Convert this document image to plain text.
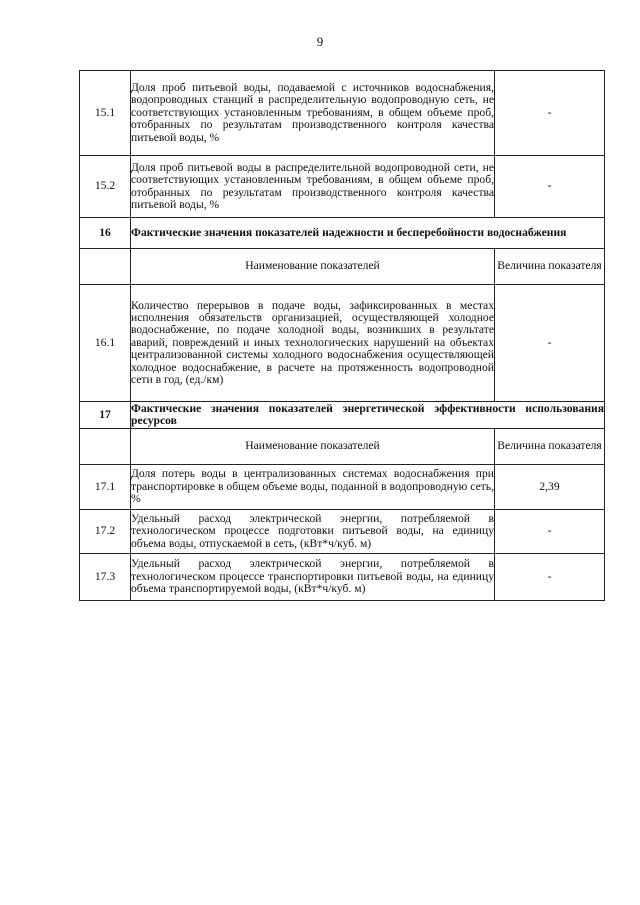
9
15.1	Доля проб питьевой воды, подаваемой с источников водоснабжения, водопроводных станций в распределительную водопроводную сеть, не соответствующих установленным требованиям, в общем объеме проб, отобранных по результатам производственного контроля качества питьевой воды, %	-
15.2	Доля проб питьевой воды в распределительной водопроводной сети, не соответствующих установленным требованиям, в общем объеме проб, отобранных по результатам производственного контроля качества питьевой воды, %	-
16	Фактические значения показателей надежности и бесперебойности водоснабжения	
	Наименование показателей	Величина показателя
16.1	Количество перерывов в подаче воды, зафиксированных в местах исполнения обязательств организацией, осуществляющей холодное водоснабжение, по подаче холодной воды, возникших в результате аварий, повреждений и иных технологических нарушений на объектах централизованной системы холодного водоснабжения осуществляющей холодное водоснабжение, в расчете на протяженность водопроводной сети в год, (ед./км)	-
17	Фактические значения показателей энергетической эффективности использования ресурсов	
	Наименование показателей	Величина показателя
17.1	Доля потерь воды в централизованных системах водоснабжения при транспортировке в общем объеме воды, поданной в водопроводную сеть, %	2,39
17.2	Удельный расход электрической энергии, потребляемой в технологическом процессе подготовки питьевой воды, на единицу объема воды, отпускаемой в сеть, (кВт*ч/куб. м)	-
17.3	Удельный расход электрической энергии, потребляемой в технологическом процессе транспортировки питьевой воды, на единицу объема транспортируемой воды, (кВт*ч/куб. м)	-
